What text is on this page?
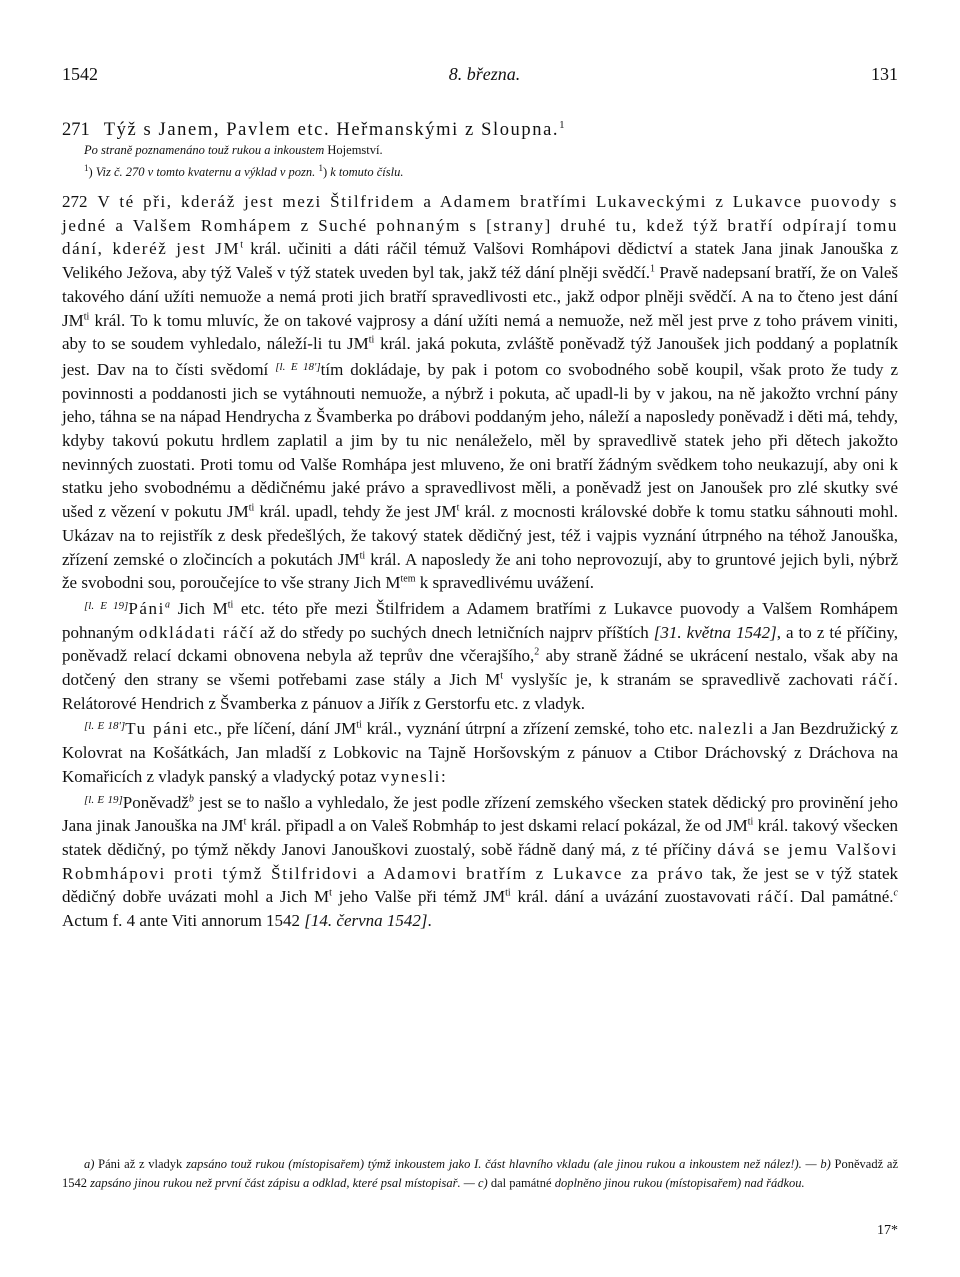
1542	8. března.	131
271 Týž s Janem, Pavlem etc. Heřmanskými z Sloupna.$^1$
Po straně poznamenáno touž rukou a inkoustem Hojemství.
$^1$) Viz č. 270 v tomto kvaternu a výklad v pozn. $^1$) k tomuto číslu.

272 V té při, kderáž jest mezi Štilfridem a Adamem bratřími Lukaveckými z Lukavce puovody s jedné a Valšem Romhápem z Suché pohnaným s [strany] druhé tu, kdež týž bratří odpírají tomu dání, kderéž jest $JM^t$ král. učiniti a dáti ráčil témuž Valšovi Romhápovi dědictví a statek Jana jinak Janouška z Velikého Ježova, aby týž Valeš v týž statek uveden byl tak, jakž též dání plněji svědčí.$^1$ Pravě nadepsaní bratří, že on Valeš takového dání užíti nemuože a nemá proti jich bratří spravedlivosti etc., jakž odpor plněji svědčí. A na to čteno jest dání $JM^{ti}$ král. To k tomu mluvíc, že on takové vajprosy a dání užíti nemá a nemuože, než měl jest prve z toho právem viniti, aby to se soudem vyhledalo, náleží-li tu $JM^{ti}$ král. jaká pokuta, zvláště poněvadž týž Janoušek jich poddaný a poplatník jest. Dav na to čísti svědomí [l. E 18']tím dokládaje, by pak i potom co svobodného sobě koupil, však proto že tudy z povinnosti a poddanosti jich se vytáhnouti nemuože, a nýbrž i pokuta, ač upadl-li by v jakou, na ně jakožto vrchní pány jeho, táhna se na nápad Hendrycha z Švamberka po drábovi poddaným jeho, náleží a naposledy poněvadž i děti má, tehdy, kdyby takovú pokutu hrdlem zaplatil a jim by tu nic nenáleželo, měl by spravedlivě statek jeho při dětech jakožto nevinných zuostati. Proti tomu od Valše Romhápa jest mluveno, že oni bratří žádným svědkem toho neukazují, aby oni k statku jeho svobodnému a dědičnému jaké právo a spravedlivost měli, a poněvadž jest on Janoušek pro zlé skutky své ušed z vězení v pokutu $JM^{ti}$ král. upadl, tehdy že jest $JM^t$ král. z mocnosti královské dobře k tomu statku sáhnouti mohl. Ukázav na to rejistřík z desk předešlých, že takový statek dědičný jest, též i vajpis vyznání útrpného na téhož Janouška, zřízení zemské o zločincích a pokutách $JM^{ti}$ král. A naposledy že ani toho neprovozují, aby to gruntové jejich byli, nýbrž že svobodni sou, poroučejíce to vše strany Jich $M^{tem}$ k spravedlivému uvážení.

[l. E 19]Páni$^a$ Jich $M^{ti}$ etc. této pře mezi Štilfridem a Adamem bratřími z Lukavce puovody a Valšem Romhápem pohnaným odkládati ráčí až do středy po suchých dnech letničních najprv příštích [31. května 1542], a to z té příčiny, poněvadž relací dckami obnovena nebyla až teprův dne včerajšího,$^2$ aby straně žádné se ukrácení nestalo, však aby na dotčený den strany se všemi potřebami zase stály a Jich $M^t$ vyslyšíc je, k stranám se spravedlivě zachovati ráčí. Relátorové Hendrich z Švamberka z pánuov a Jiřík z Gerstorfu etc. z vladyk.

[l. E 18']Tu páni etc., pře líčení, dání $JM^{ti}$ král., vyznání útrpní a zřízení zemské, toho etc. nalezli a Jan Bezdružický z Kolovrat na Košátkách, Jan mladší z Lobkovic na Tajně Horšovským z pánuov a Ctibor Dráchovský z Dráchova na Komařicích z vladyk panský a vladycký potaz vynesli:

[l. E 19]Poněvadž$^b$ jest se to našlo a vyhledalo, že jest podle zřízení zemského všecken statek dědický pro provinění jeho Jana jinak Janouška na $JM^t$ král. připadl a on Valeš Robmháp to jest dskami relací pokázal, že od $JM^{ti}$ král. takový všecken statek dědičný, po týmž někdy Janovi Janouškovi zuostalý, sobě řádně daný má, z té příčiny dává se jemu Valšovi Robmhápovi proti týmž Štilfridovi a Adamovi bratřím z Lukavce za právo tak, že jest se v týž statek dědičný dobře uvázati mohl a Jich $M^t$ jeho Valše při témž $JM^{ti}$ král. dání a uvázání zuostavovati ráčí. Dal památné.$^c$ Actum f. 4 ante Viti annorum 1542 [14. června 1542].

a) Páni až z vladyk zapsáno touž rukou (místopisařem) týmž inkoustem jako I. část hlavního vkladu (ale jinou rukou a inkoustem než nález!). — b) Poněvadž až 1542 zapsáno jinou rukou než první část zápisu a odklad, které psal místopisař. — c) dal památné doplněno jinou rukou (místopisařem) nad řádkou.
17*
